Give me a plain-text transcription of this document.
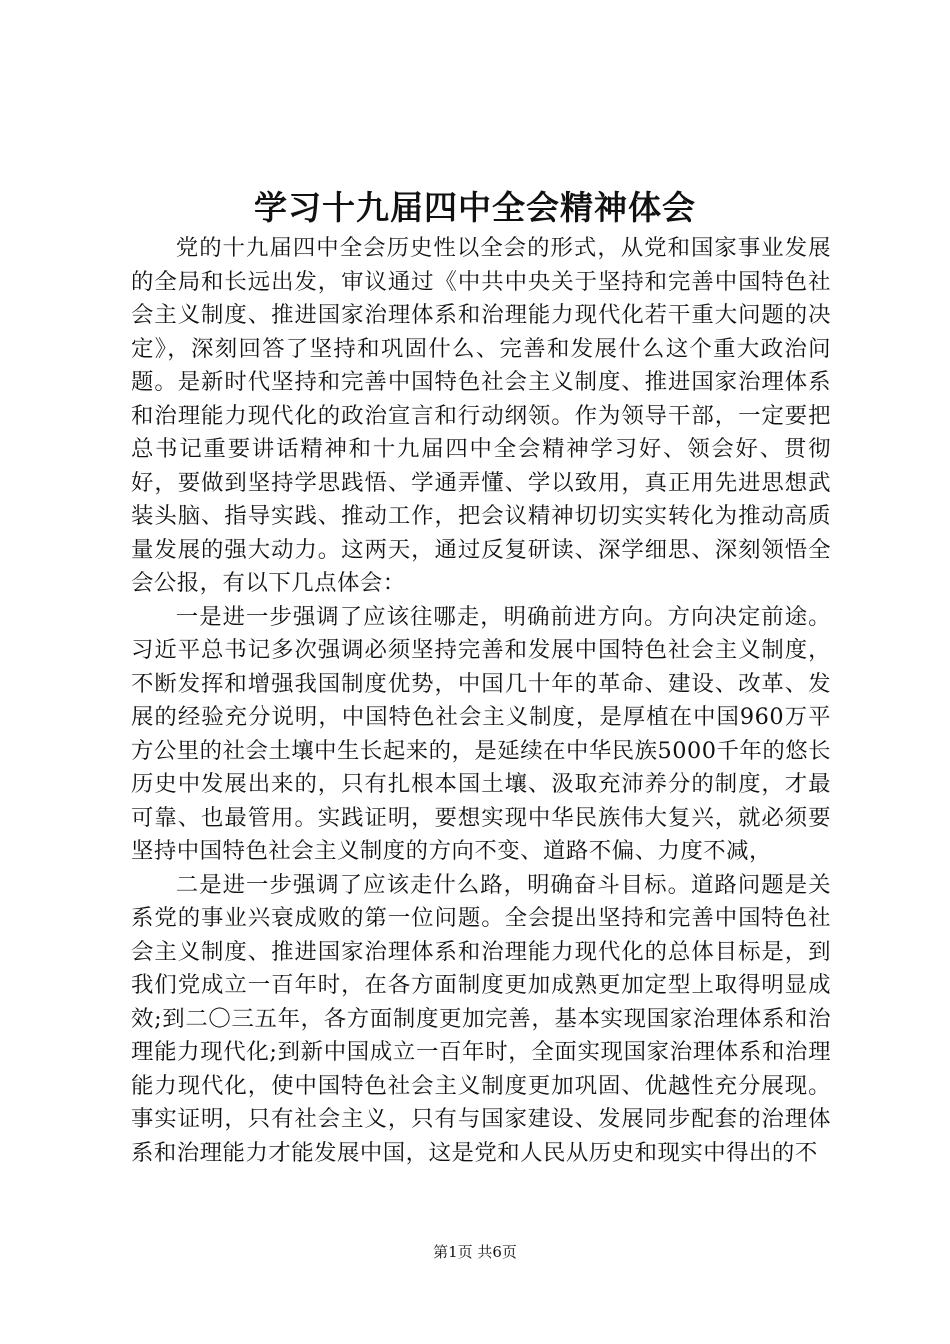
学习十九届四中全会精神体会

党的十九届四中全会历史性以全会的形式，从党和国家事业发展的全局和长远出发，审议通过《中共中央关于坚持和完善中国特色社会主义制度、推进国家治理体系和治理能力现代化若干重大问题的决定》，深刻回答了坚持和巩固什么、完善和发展什么这个重大政治问题。是新时代坚持和完善中国特色社会主义制度、推进国家治理体系和治理能力现代化的政治宣言和行动纲领。作为领导干部，一定要把总书记重要讲话精神和十九届四中全会精神学习好、领会好、贯彻好，要做到坚持学思践悟、学通弄懂、学以致用，真正用先进思想武装头脑、指导实践、推动工作，把会议精神切切实实转化为推动高质量发展的强大动力。这两天，通过反复研读、深学细思、深刻领悟全会公报，有以下几点体会：

一是进一步强调了应该往哪走，明确前进方向。方向决定前途。习近平总书记多次强调必须坚持完善和发展中国特色社会主义制度，不断发挥和增强我国制度优势，中国几十年的革命、建设、改革、发展的经验充分说明，中国特色社会主义制度，是厚植在中国960万平方公里的社会土壤中生长起来的，是延续在中华民族5000千年的悠长历史中发展出来的，只有扎根本国土壤、汲取充沛养分的制度，才最可靠、也最管用。实践证明，要想实现中华民族伟大复兴，就必须要坚持中国特色社会主义制度的方向不变、道路不偏、力度不减，

二是进一步强调了应该走什么路，明确奋斗目标。道路问题是关系党的事业兴衰成败的第一位问题。全会提出坚持和完善中国特色社会主义制度、推进国家治理体系和治理能力现代化的总体目标是，到我们党成立一百年时，在各方面制度更加成熟更加定型上取得明显成效;到二〇三五年，各方面制度更加完善，基本实现国家治理体系和治理能力现代化;到新中国成立一百年时，全面实现国家治理体系和治理能力现代化，使中国特色社会主义制度更加巩固、优越性充分展现。事实证明，只有社会主义，只有与国家建设、发展同步配套的治理体系和治理能力才能发展中国，这是党和人民从历史和现实中得出的不

第1页 共6页
